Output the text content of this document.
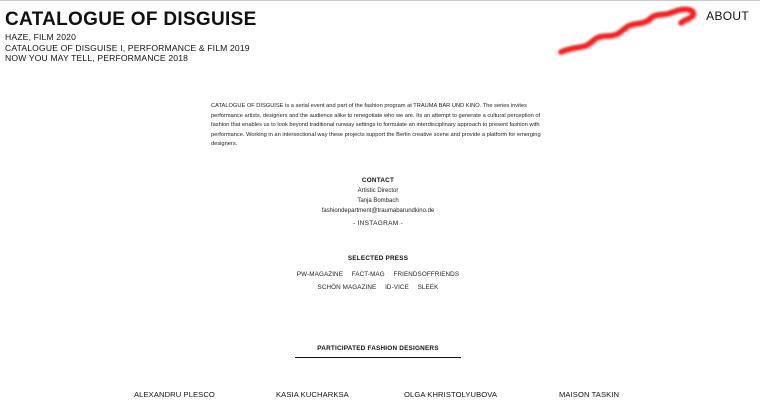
CATALOGUE OF DISGUISE
HAZE, FILM 2020
CATALOGUE OF DISGUISE I, PERFORMANCE & FILM 2019
NOW YOU MAY TELL, PERFORMANCE 2018
ABOUT

CATALOGUE OF DISGUISE is a serial event and part of the fashion program at TRAUMA BAR UND KINO. The series invites performance artists, designers and the audience alike to renegotiate who we are. Its an attempt to generate a cultural perception of fashion that enables us to look beyond traditional runway settings to formulate an interdisciplinary approach to present fashion with performance. Working in an intersectional way these projects support the Berlin creative scene and provide a platform for emerging designers.

CONTACT
Artistic Director
Tanja Bombach
fashiondepartment@traumabarundkino.de
- INSTAGRAM -
SELECTED PRESS
PW-MAGAZINE FACT-MAG FRIENDSOFFRIENDS
SCHÖN MAGAZINE ID-VICE SLEEK
PARTICIPATED FASHION DESIGNERS
ALEXANDRU PLESCO	KASIA KUCHARKSA	OLGA KHRISTOLYUBOVA	MAISON TASKIN
